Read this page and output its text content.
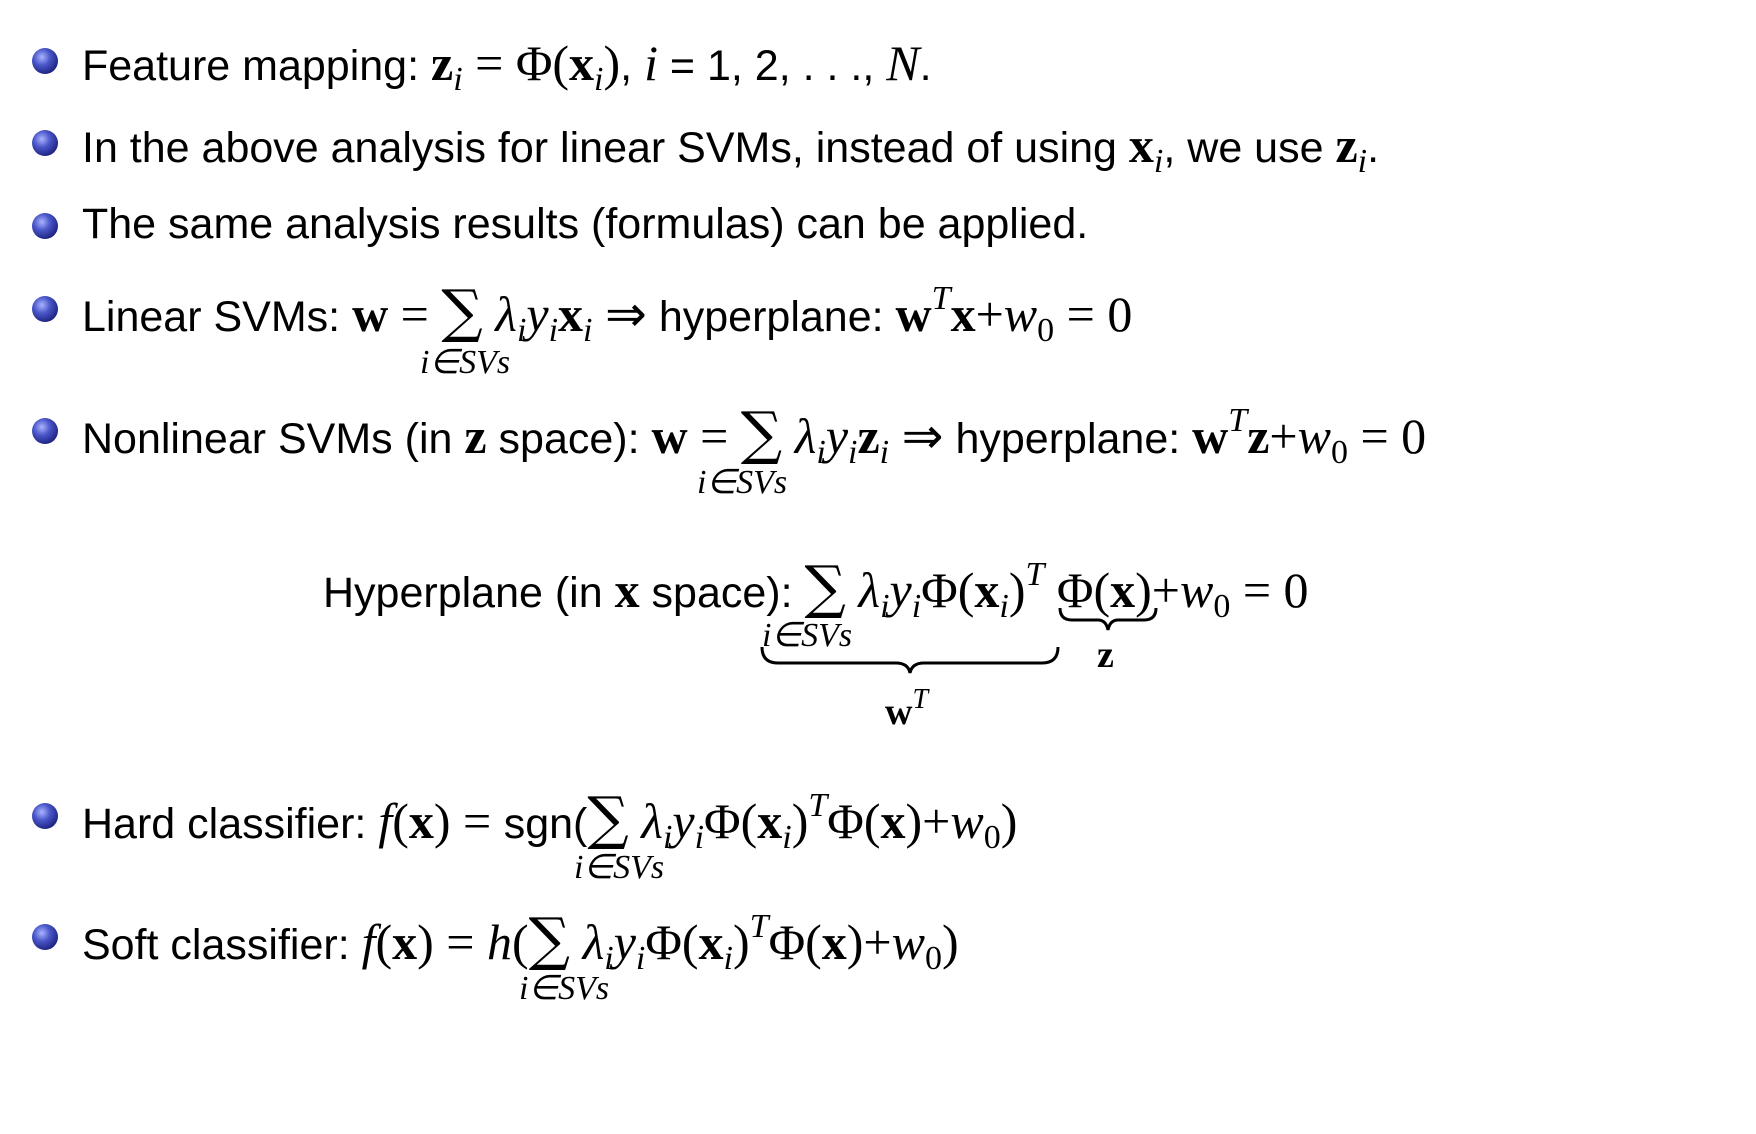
Feature mapping: $z_i = \Phi(x_i)$, i = 1, 2, . . ., N.
In the above analysis for linear SVMs, instead of using $x_i$, we use $z_i$.
The same analysis results (formulas) can be applied.
Linear SVMs: w = ∑ $\lambda_iy_ix_i$ ⇒ hyperplane: $w^Tx+w_0 = 0$
i∈SVs
Nonlinear SVMs (in z space): w = ∑ $\lambda_iy_iz_i$ ⇒ hyperplane: $w^Tz+w_0 = 0$
i∈SVs
Hyperplane (in x space): ∑ $\lambda_iy_i\Phi(x_i)^T$ $\Phi(x)+w_0 = 0$
i∈SVs
wT
z
Hard classifier: f(x) = sgn(∑ $\lambda_iy_i\Phi(x_i)^T\Phi(x)+w_0$)
i∈SVs
Soft classifier: f(x) = h(∑ $\lambda_iy_i\Phi(x_i)^T\Phi(x)+w_0$)
i∈SVs
